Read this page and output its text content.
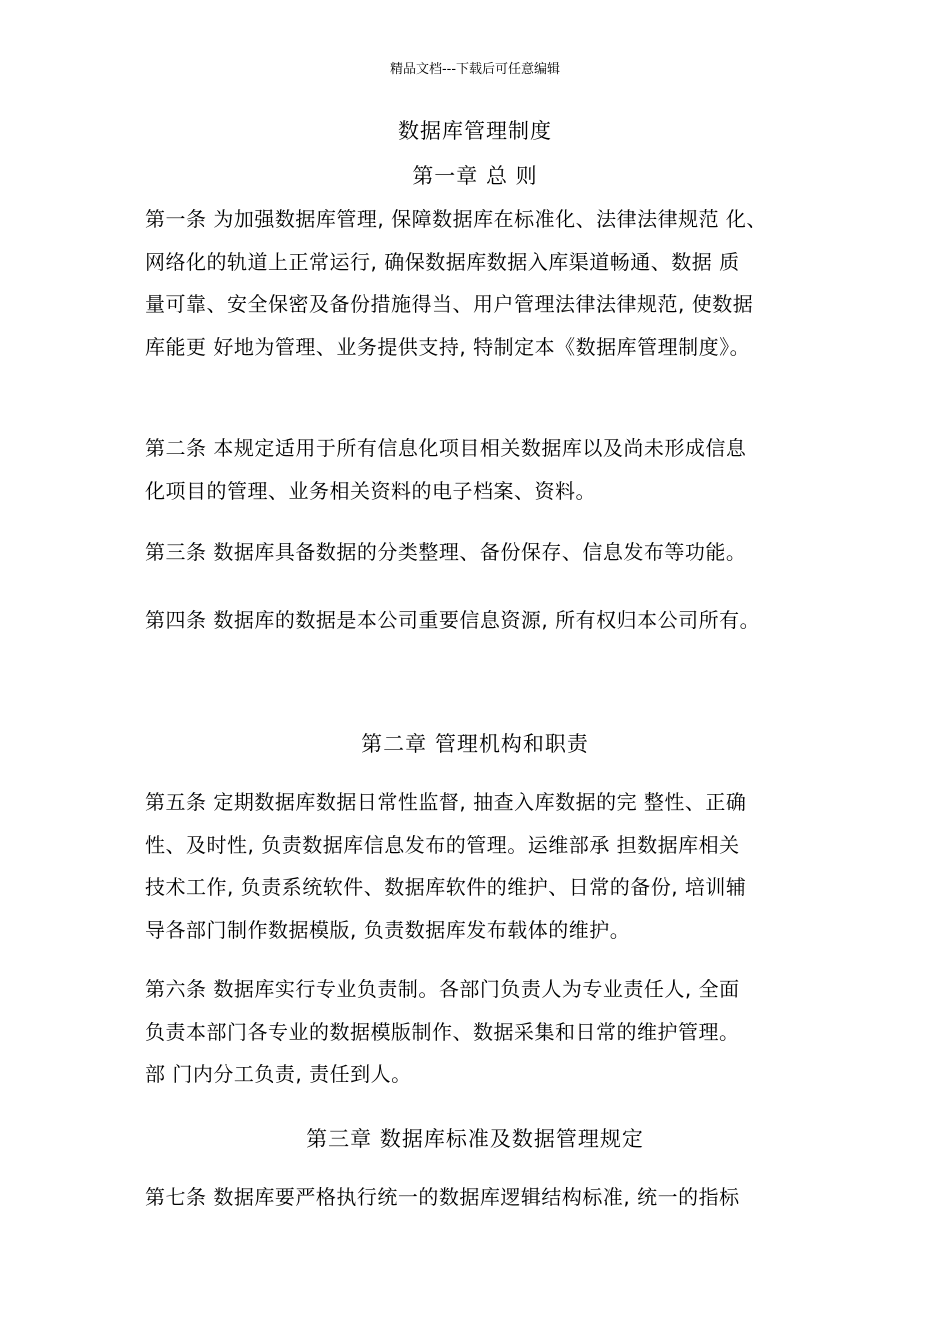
精品文档---下载后可任意编辑
数据库管理制度
第一章 总 则
第一条 为加强数据库管理, 保障数据库在标准化、法律法律规范 化、
网络化的轨道上正常运行, 确保数据库数据入库渠道畅通、数据 质
量可靠、安全保密及备份措施得当、用户管理法律法律规范, 使数据
库能更 好地为管理、业务提供支持, 特制定本《数据库管理制度》。
第二条 本规定适用于所有信息化项目相关数据库以及尚未形成信息
化项目的管理、业务相关资料的电子档案、资料。
第三条 数据库具备数据的分类整理、备份保存、信息发布等功能。
第四条 数据库的数据是本公司重要信息资源, 所有权归本公司所有。
第二章 管理机构和职责
第五条 定期数据库数据日常性监督, 抽查入库数据的完 整性、正确
性、及时性, 负责数据库信息发布的管理。运维部承 担数据库相关
技术工作, 负责系统软件、数据库软件的维护、日常的备份, 培训辅
导各部门制作数据模版, 负责数据库发布载体的维护。
第六条 数据库实行专业负责制。各部门负责人为专业责任人, 全面
负责本部门各专业的数据模版制作、数据采集和日常的维护管理。
部 门内分工负责, 责任到人。
第三章 数据库标准及数据管理规定
第七条 数据库要严格执行统一的数据库逻辑结构标准, 统一的指标
